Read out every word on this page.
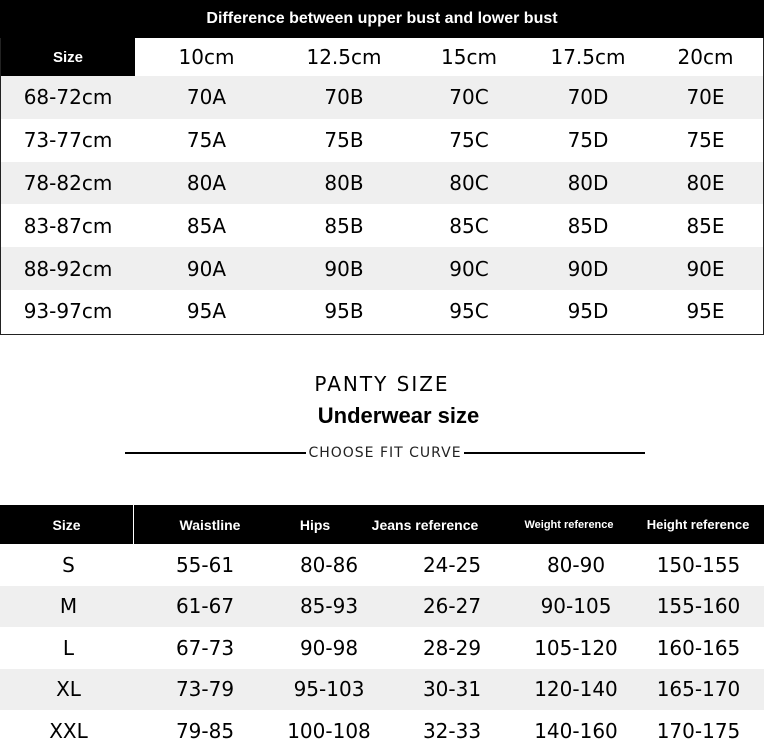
Difference between upper bust and lower bust
Size	10cm	12.5cm	15cm	17.5cm	20cm
68-72cm	70A	70B	70C	70D	70E
73-77cm	75A	75B	75C	75D	75E
78-82cm	80A	80B	80C	80D	80E
83-87cm	85A	85B	85C	85D	85E
88-92cm	90A	90B	90C	90D	90E
93-97cm	95A	95B	95C	95D	95E
PANTY SIZE
Underwear size
CHOOSE FIT CURVE
Size	Waistline	Hips	Jeans reference	Weight reference	Height reference
S	55-61	80-86	24-25	80-90	150-155
M	61-67	85-93	26-27	90-105	155-160
L	67-73	90-98	28-29	105-120	160-165
XL	73-79	95-103	30-31	120-140	165-170
XXL	79-85	100-108	32-33	140-160	170-175
